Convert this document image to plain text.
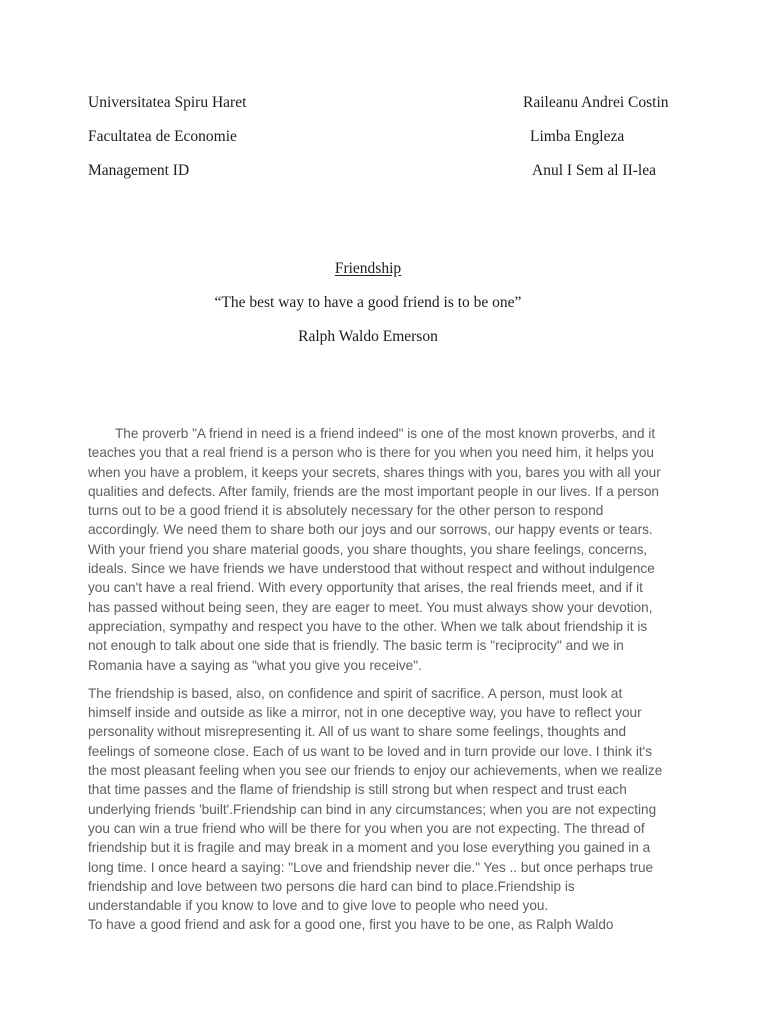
Universitatea Spiru Haret	Raileanu Andrei Costin
Facultatea de Economie	Limba Engleza
Management ID	Anul I Sem al II-lea
Friendship
“The best way to have a good friend is to be one”
Ralph Waldo Emerson
The proverb "A friend in need is a friend indeed" is one of the most known proverbs, and it
teaches you that a real friend is a person who is there for you when you need him, it helps you
when you have a problem, it keeps your secrets, shares things with you, bares you with all your
qualities and defects. After family, friends are the most important people in our lives. If a person
turns out to be a good friend it is absolutely necessary for the other person to respond
accordingly. We need them to share both our joys and our sorrows, our happy events or tears.
With your friend you share material goods, you share thoughts, you share feelings, concerns,
ideals. Since we have friends we have understood that without respect and without indulgence
you can't have a real friend. With every opportunity that arises, the real friends meet, and if it
has passed without being seen, they are eager to meet. You must always show your devotion,
appreciation, sympathy and respect you have to the other. When we talk about friendship it is
not enough to talk about one side that is friendly. The basic term is "reciprocity" and we in
Romania have a saying as "what you give you receive".
The friendship is based, also, on confidence and spirit of sacrifice. A person, must look at
himself inside and outside as like a mirror, not in one deceptive way, you have to reflect your
personality without misrepresenting it. All of us want to share some feelings, thoughts and
feelings of someone close. Each of us want to be loved and in turn provide our love. I think it's
the most pleasant feeling when you see our friends to enjoy our achievements, when we realize
that time passes and the flame of friendship is still strong but when respect and trust each
underlying friends 'built'.Friendship can bind in any circumstances; when you are not expecting
you can win a true friend who will be there for you when you are not expecting. The thread of
friendship but it is fragile and may break in a moment and you lose everything you gained in a
long time. I once heard a saying: "Love and friendship never die." Yes .. but once perhaps true
friendship and love between two persons die hard can bind to place.Friendship is
understandable if you know to love and to give love to people who need you.
To have a good friend and ask for a good one, first you have to be one, as Ralph Waldo
